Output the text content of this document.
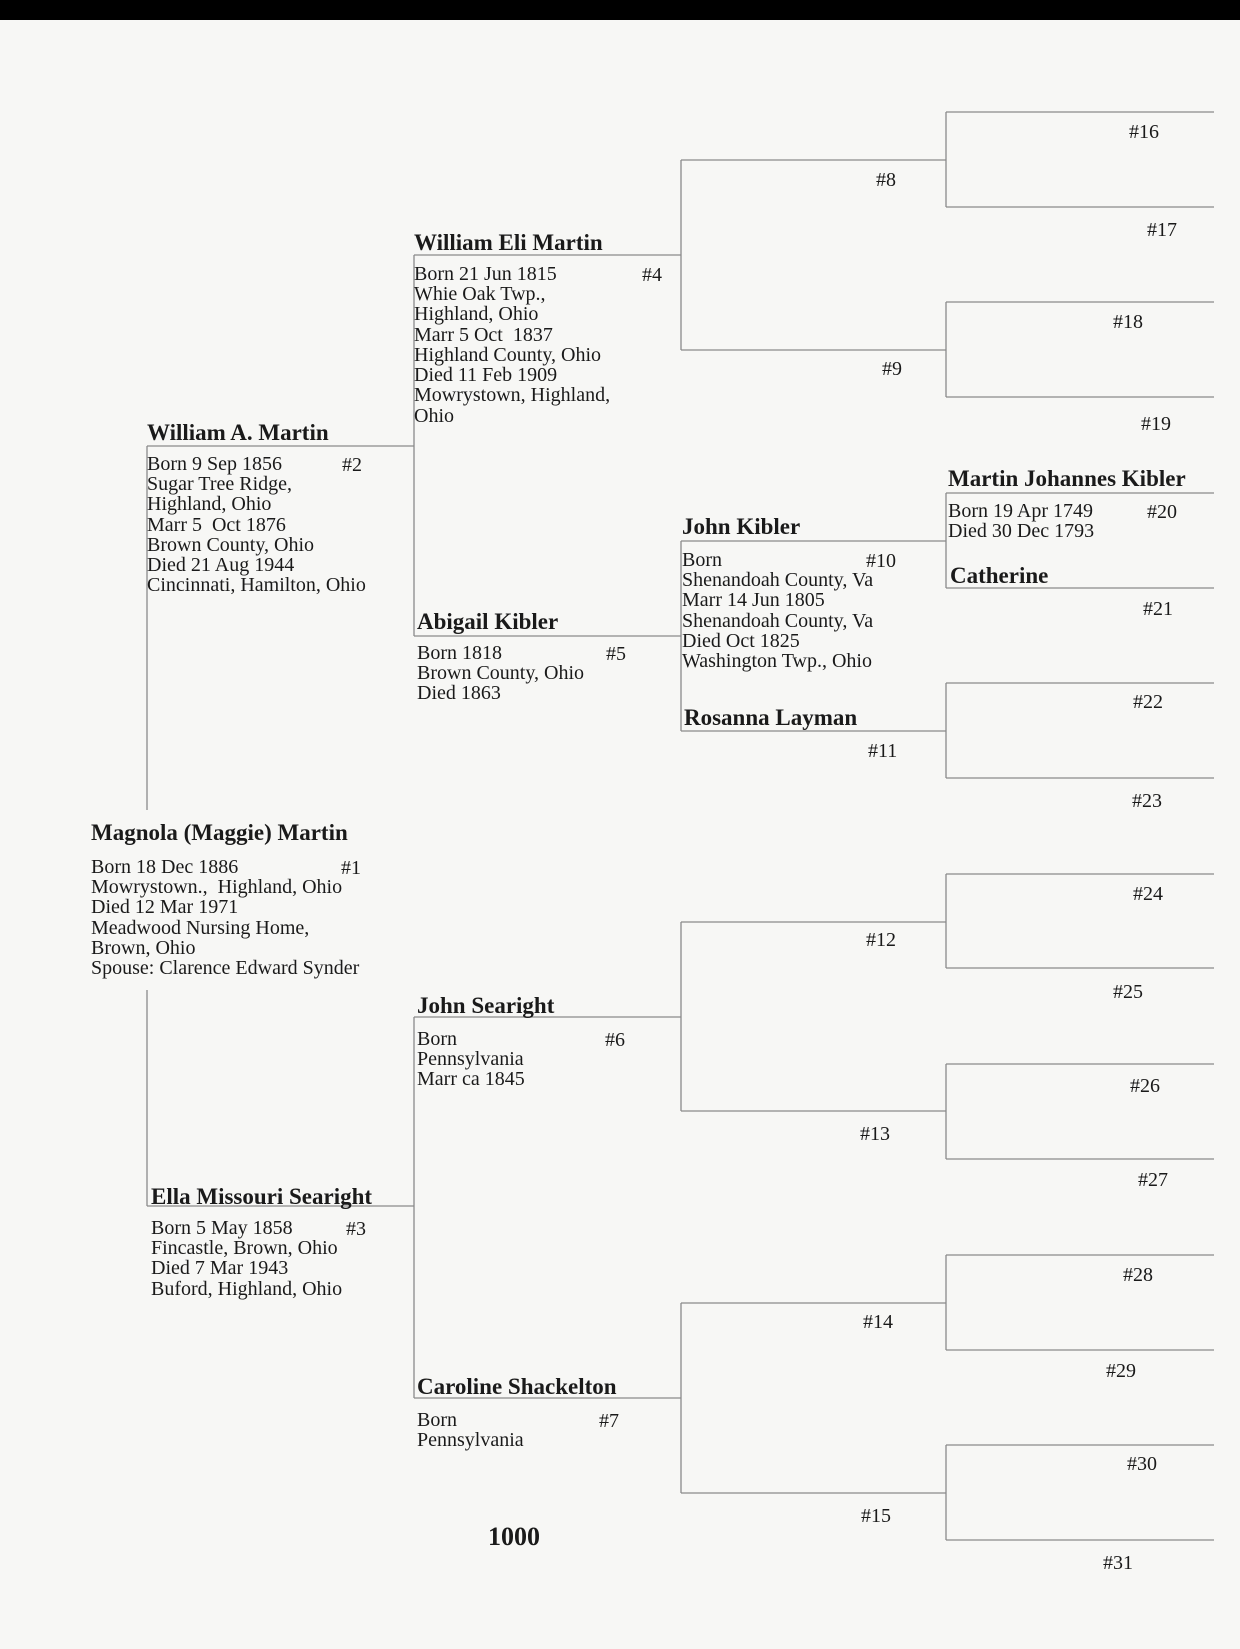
Magnola (Maggie) Martin
Born 18 Dec 1886	#1
Mowrystown.,  Highland, Ohio
Died 12 Mar 1971
Meadwood Nursing Home,
Brown, Ohio
Spouse: Clarence Edward Synder
William A. Martin
Born 9 Sep 1856	#2
Sugar Tree Ridge,
Highland, Ohio
Marr 5  Oct 1876
Brown County, Ohio
Died 21 Aug 1944
Cincinnati, Hamilton, Ohio
Ella Missouri Searight
Born 5 May 1858	#3
Fincastle, Brown, Ohio
Died 7 Mar 1943
Buford, Highland, Ohio
William Eli Martin
Born 21 Jun 1815	#4
Whie Oak Twp.,
Highland, Ohio
Marr 5 Oct  1837
Highland County, Ohio
Died 11 Feb 1909
Mowrystown, Highland,
Ohio
Abigail Kibler
Born 1818	#5
Brown County, Ohio
Died 1863
John Searight
Born	#6
Pennsylvania
Marr ca 1845
Caroline Shackelton
Born	#7
Pennsylvania
John Kibler
Born	#10
Shenandoah County, Va
Marr 14 Jun 1805
Shenandoah County, Va
Died Oct 1825
Washington Twp., Ohio
Rosanna Layman
#11
Martin Johannes Kibler
Born 19 Apr 1749	#20
Died 30 Dec 1793
Catherine
#21
#8
#9
#12
#13
#14
#15
#16
#17
#18
#19
#22
#23
#24
#25
#26
#27
#28
#29
#30
#31
1000
